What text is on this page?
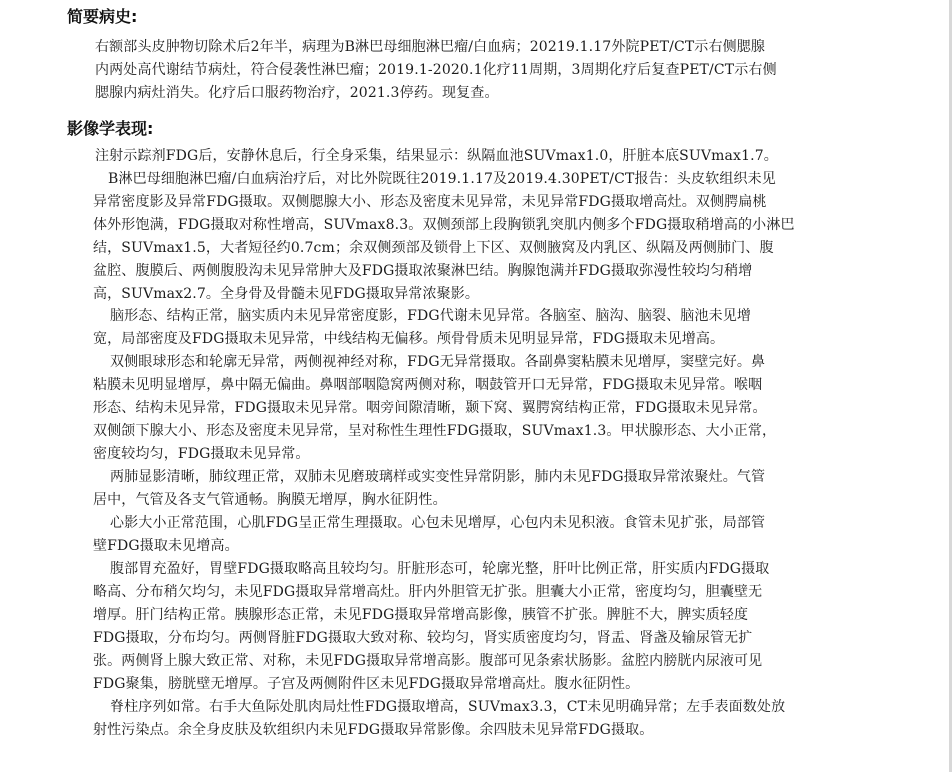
简要病史:
右额部头皮肿物切除术后2年半，病理为B淋巴母细胞淋巴瘤/白血病；20219.1.17外院PET/CT示右侧腮腺
内两处高代谢结节病灶，符合侵袭性淋巴瘤；2019.1-2020.1化疗11周期，3周期化疗后复查PET/CT示右侧
腮腺内病灶消失。化疗后口服药物治疗，2021.3停药。现复查。
影像学表现:
注射示踪剂FDG后，安静休息后，行全身采集，结果显示：纵隔血池SUVmax1.0，肝脏本底SUVmax1.7。
B淋巴母细胞淋巴瘤/白血病治疗后，对比外院既往2019.1.17及2019.4.30PET/CT报告：头皮软组织未见
异常密度影及异常FDG摄取。双侧腮腺大小、形态及密度未见异常，未见异常FDG摄取增高灶。双侧腭扁桃
体外形饱满，FDG摄取对称性增高，SUVmax8.3。双侧颈部上段胸锁乳突肌内侧多个FDG摄取稍增高的小淋巴
结，SUVmax1.5，大者短径约0.7cm；余双侧颈部及锁骨上下区、双侧腋窝及内乳区、纵隔及两侧肺门、腹
盆腔、腹膜后、两侧腹股沟未见异常肿大及FDG摄取浓聚淋巴结。胸腺饱满并FDG摄取弥漫性较均匀稍增
高，SUVmax2.7。全身骨及骨髓未见FDG摄取异常浓聚影。
脑形态、结构正常，脑实质内未见异常密度影，FDG代谢未见异常。各脑室、脑沟、脑裂、脑池未见增
宽，局部密度及FDG摄取未见异常，中线结构无偏移。颅骨骨质未见明显异常，FDG摄取未见增高。
双侧眼球形态和轮廓无异常，两侧视神经对称，FDG无异常摄取。各副鼻窦粘膜未见增厚，窦壁完好。鼻
粘膜未见明显增厚，鼻中隔无偏曲。鼻咽部咽隐窝两侧对称，咽鼓管开口无异常，FDG摄取未见异常。喉咽
形态、结构未见异常，FDG摄取未见异常。咽旁间隙清晰，颞下窝、翼腭窝结构正常，FDG摄取未见异常。
双侧颌下腺大小、形态及密度未见异常，呈对称性生理性FDG摄取，SUVmax1.3。甲状腺形态、大小正常，
密度较均匀，FDG摄取未见异常。
两肺显影清晰，肺纹理正常，双肺未见磨玻璃样或实变性异常阴影，肺内未见FDG摄取异常浓聚灶。气管
居中，气管及各支气管通畅。胸膜无增厚，胸水征阴性。
心影大小正常范围，心肌FDG呈正常生理摄取。心包未见增厚，心包内未见积液。食管未见扩张，局部管
壁FDG摄取未见增高。
腹部胃充盈好，胃壁FDG摄取略高且较均匀。肝脏形态可，轮廓光整，肝叶比例正常，肝实质内FDG摄取
略高、分布稍欠均匀，未见FDG摄取异常增高灶。肝内外胆管无扩张。胆囊大小正常，密度均匀，胆囊壁无
增厚。肝门结构正常。胰腺形态正常，未见FDG摄取异常增高影像，胰管不扩张。脾脏不大，脾实质轻度
FDG摄取，分布均匀。两侧肾脏FDG摄取大致对称、较均匀，肾实质密度均匀，肾盂、肾盏及输尿管无扩
张。两侧肾上腺大致正常、对称，未见FDG摄取异常增高影。腹部可见条索状肠影。盆腔内膀胱内尿液可见
FDG聚集，膀胱壁无增厚。子宫及两侧附件区未见FDG摄取异常增高灶。腹水征阴性。
脊柱序列如常。右手大鱼际处肌肉局灶性FDG摄取增高，SUVmax3.3，CT未见明确异常；左手表面数处放
射性污染点。余全身皮肤及软组织内未见FDG摄取异常影像。余四肢未见异常FDG摄取。
